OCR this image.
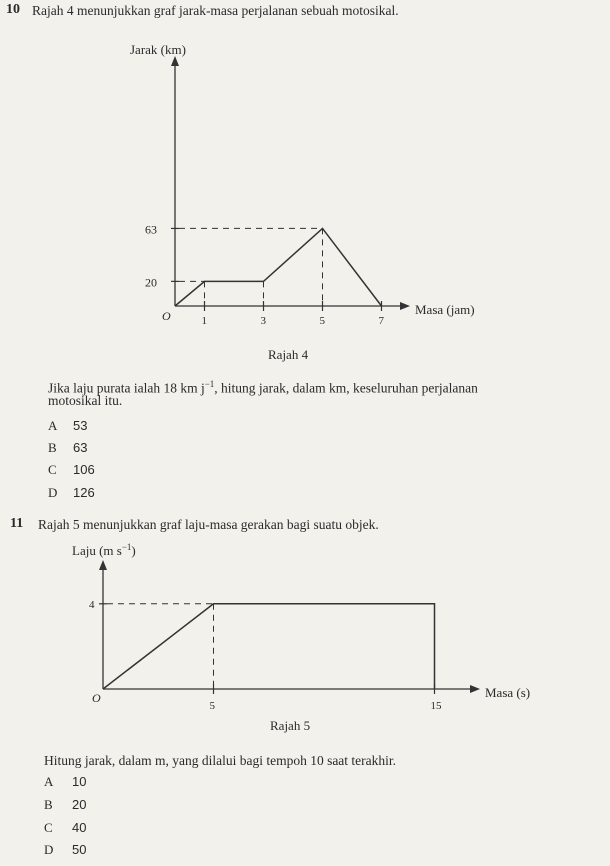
10 Rajah 4 menunjukkan graf jarak-masa perjalanan sebuah motosikal.
Jarak (km)
Masa (jam)
O
20
63
1	3	5	7
Rajah 4
Jika laju purata ialah 18 km $j^{-1}$, hitung jarak, dalam km, keseluruhan perjalanan
motosikal itu.
A 53
B 63
C 106
D 126
11 Rajah 5 menunjukkan graf laju-masa gerakan bagi suatu objek.
Laju (m $s^{-1}$)
Masa (s)
O
4
5	15
Rajah 5
Hitung jarak, dalam m, yang dilalui bagi tempoh 10 saat terakhir.
A 10
B 20
C 40
D 50
